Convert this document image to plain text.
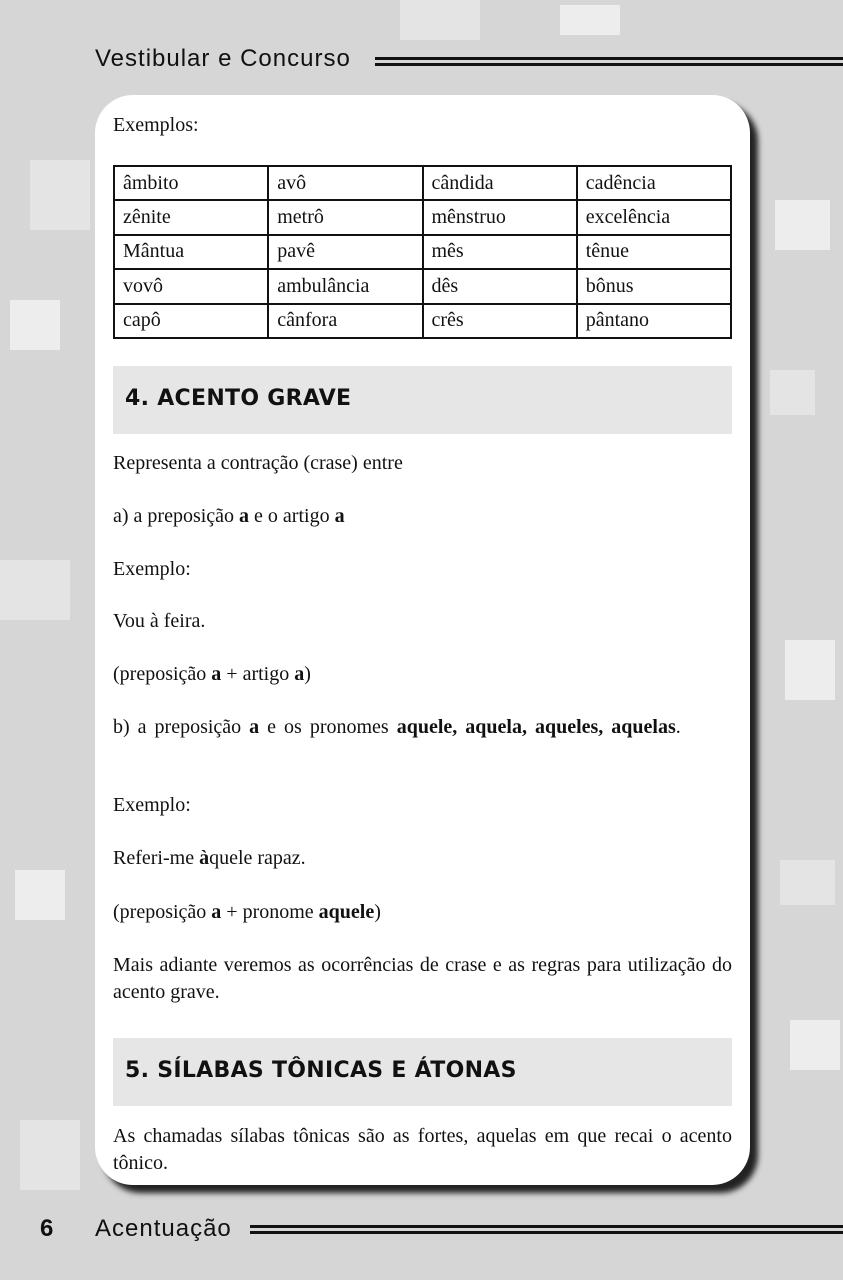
Vestibular e Concurso
Exemplos:
âmbito	avô	cândida	cadência
zênite	metrô	mênstruo	excelência
Mântua	pavê	mês	tênue
vovô	ambulância	dês	bônus
capô	cânfora	crês	pântano
4. ACENTO GRAVE
Representa a contração (crase) entre
a) a preposição a e o artigo a
Exemplo:
Vou à feira.
(preposição a + artigo a)
b) a preposição a e os pronomes aquele, aquela, aqueles, aquelas.
Exemplo:
Referi-me àquele rapaz.
(preposição a + pronome aquele)
Mais adiante veremos as ocorrências de crase e as regras para utilização do acento grave.
5. SÍLABAS TÔNICAS E ÁTONAS
As chamadas sílabas tônicas são as fortes, aquelas em que recai o acento tônico.
6 Acentuação
